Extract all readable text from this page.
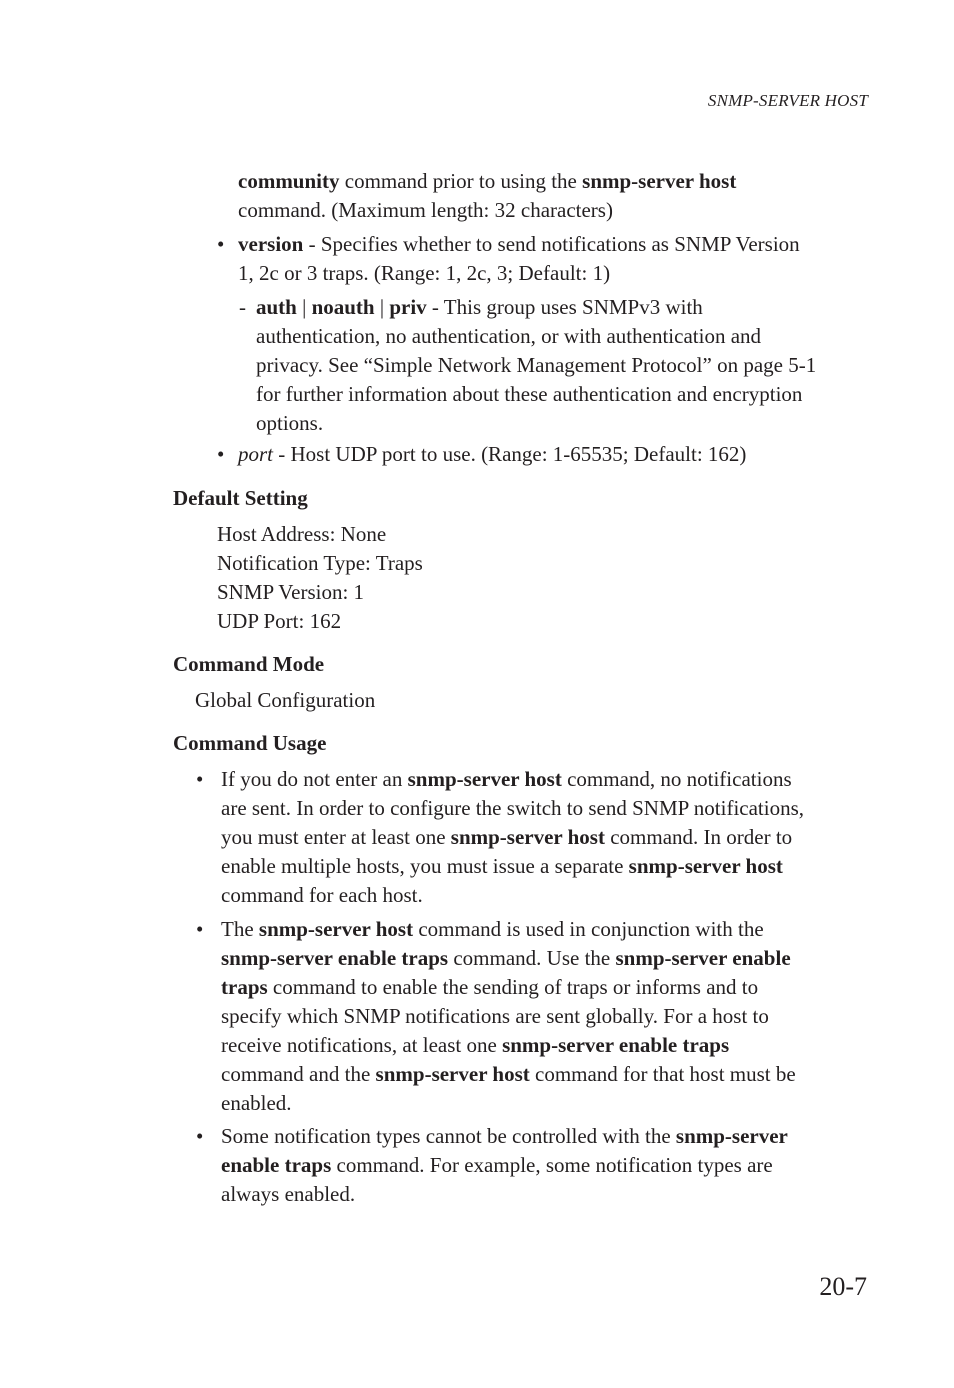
SNMP-SERVER HOST
community command prior to using the snmp-server host
command. (Maximum length: 32 characters)
• version - Specifies whether to send notifications as SNMP Version
1, 2c or 3 traps. (Range: 1, 2c, 3; Default: 1)
- auth | noauth | priv - This group uses SNMPv3 with
authentication, no authentication, or with authentication and
privacy. See “Simple Network Management Protocol” on page 5-1
for further information about these authentication and encryption
options.
• port - Host UDP port to use. (Range: 1-65535; Default: 162)
Default Setting
Host Address: None
Notification Type: Traps
SNMP Version: 1
UDP Port: 162
Command Mode
Global Configuration
Command Usage
• If you do not enter an snmp-server host command, no notifications
are sent. In order to configure the switch to send SNMP notifications,
you must enter at least one snmp-server host command. In order to
enable multiple hosts, you must issue a separate snmp-server host
command for each host.
• The snmp-server host command is used in conjunction with the
snmp-server enable traps command. Use the snmp-server enable
traps command to enable the sending of traps or informs and to
specify which SNMP notifications are sent globally. For a host to
receive notifications, at least one snmp-server enable traps
command and the snmp-server host command for that host must be
enabled.
• Some notification types cannot be controlled with the snmp-server
enable traps command. For example, some notification types are
always enabled.
20-7
